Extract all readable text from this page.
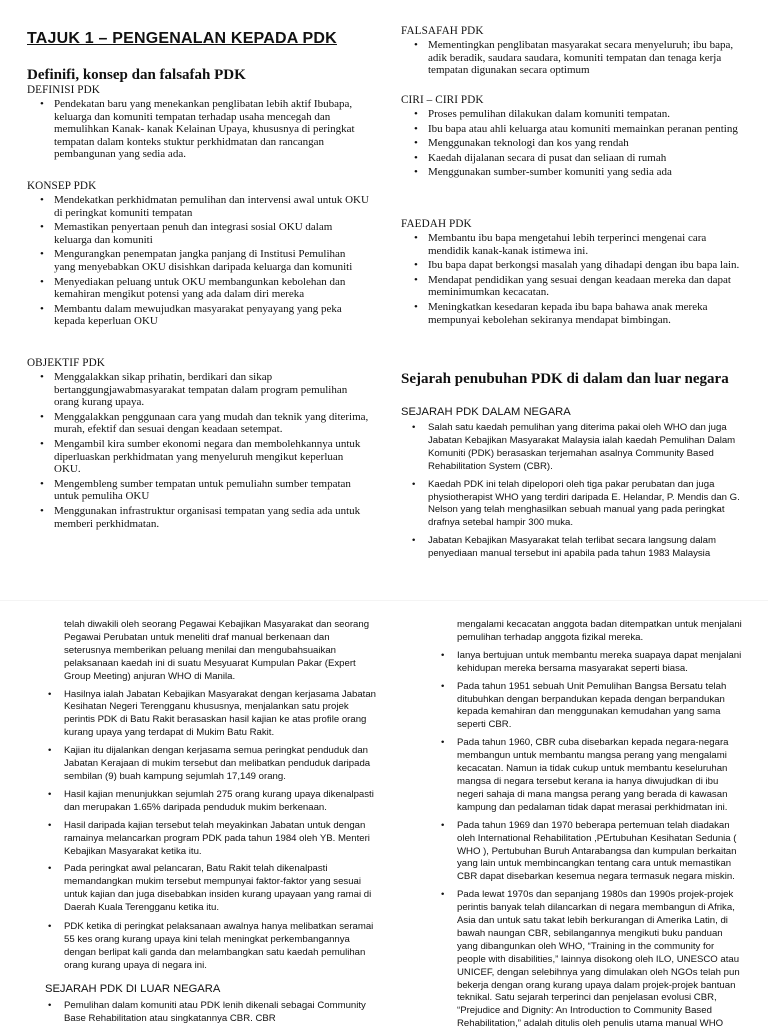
TAJUK 1 – PENGENALAN KEPADA PDK
Definifi, konsep dan falsafah PDK
DEFINISI PDK
• Pendekatan baru yang menekankan penglibatan lebih aktif Ibubapa, keluarga dan komuniti tempatan terhadap usaha mencegah dan memulihkan Kanak- kanak Kelainan Upaya, khususnya di peringkat tempatan dalam konteks stuktur perkhidmatan dan rancangan pembangunan yang sedia ada.
KONSEP PDK
• Mendekatkan perkhidmatan pemulihan dan intervensi awal untuk OKU di peringkat komuniti tempatan
• Memastikan penyertaan penuh dan integrasi sosial OKU dalam keluarga dan komuniti
• Mengurangkan penempatan jangka panjang di Institusi Pemulihan yang menyebabkan OKU disishkan daripada keluarga dan komuniti
• Menyediakan peluang untuk OKU membangunkan kebolehan dan kemahiran mengikut potensi yang ada dalam diri mereka
• Membantu dalam mewujudkan masyarakat penyayang yang peka kepada keperluan OKU
OBJEKTIF PDK
• Menggalakkan sikap prihatin, berdikari dan sikap bertanggungjawabmasyarakat tempatan dalam program pemulihan orang kurang upaya.
• Menggalakkan penggunaan cara yang mudah dan teknik yang diterima, murah, efektif dan sesuai dengan keadaan setempat.
• Mengambil kira sumber ekonomi negara dan membolehkannya untuk diperluaskan perkhidmatan yang menyeluruh mengikut keperluan OKU.
• Mengembleng sumber tempatan untuk pemuliahn sumber tempatan untuk pemuliha OKU
• Menggunakan infrastruktur organisasi tempatan yang sedia ada untuk memberi perkhidmatan.
FALSAFAH PDK
• Mementingkan penglibatan masyarakat secara menyeluruh; ibu bapa, adik beradik, saudara saudara, komuniti tempatan dan tenaga kerja tempatan digunakan secara optimum
CIRI – CIRI PDK
• Proses pemulihan dilakukan dalam komuniti tempatan.
• Ibu bapa atau ahli keluarga atau komuniti memainkan peranan penting
• Menggunakan teknologi dan kos yang rendah
• Kaedah dijalanan secara di pusat dan seliaan di rumah
• Menggunakan sumber-sumber komuniti yang sedia ada
FAEDAH PDK
• Membantu ibu bapa mengetahui lebih terperinci mengenai cara mendidik kanak-kanak istimewa ini.
• Ibu bapa dapat berkongsi masalah yang dihadapi dengan ibu bapa lain.
• Mendapat pendidikan yang sesuai dengan keadaan mereka dan dapat meminimumkan kecacatan.
• Meningkatkan kesedaran kepada ibu bapa bahawa anak mereka mempunyai kebolehan sekiranya mendapat bimbingan.
Sejarah penubuhan PDK di dalam dan luar negara
SEJARAH PDK DALAM NEGARA
• Salah satu kaedah pemulihan yang diterima pakai oleh WHO dan juga Jabatan Kebajikan Masyarakat Malaysia ialah kaedah Pemulihan Dalam Komuniti (PDK) berasaskan terjemahan asalnya Community Based Rehabilitation System (CBR).
• Kaedah PDK ini telah dipelopori oleh tiga pakar perubatan dan juga physiotherapist WHO yang terdiri daripada E. Helandar, P. Mendis dan G. Nelson yang telah menghasilkan sebuah manual yang pada peringkat drafnya setebal hampir 300 muka.
• Jabatan Kebajikan Masyarakat telah terlibat secara langsung dalam penyediaan manual tersebut ini apabila pada tahun 1983 Malaysia
telah diwakili oleh seorang Pegawai Kebajikan Masyarakat dan seorang Pegawai Perubatan untuk meneliti draf manual berkenaan dan seterusnya memberikan peluang menilai dan mengubahsuaikan pelaksanaan kaedah ini di suatu Mesyuarat Kumpulan Pakar (Expert Group Meeting) anjuran WHO di Manila.
• Hasilnya ialah Jabatan Kebajikan Masyarakat dengan kerjasama Jabatan Kesihatan Negeri Terengganu khususnya, menjalankan satu projek perintis PDK di Batu Rakit berasaskan hasil kajian ke atas profile orang kurang upaya yang terdapat di Mukim Batu Rakit.
• Kajian itu dijalankan dengan kerjasama semua peringkat penduduk dan Jabatan Kerajaan di mukim tersebut dan melibatkan penduduk daripada sembilan (9) buah kampung sejumlah 17,149 orang.
• Hasil kajian menunjukkan sejumlah 275 orang kurang upaya dikenalpasti dan merupakan 1.65% daripada penduduk mukim berkenaan.
• Hasil daripada kajian tersebut telah meyakinkan Jabatan untuk dengan ramainya melancarkan program PDK pada tahun 1984 oleh YB. Menteri Kebajikan Masyarakat ketika itu.
• Pada peringkat awal pelancaran, Batu Rakit telah dikenalpasti memandangkan mukim tersebut mempunyai faktor-faktor yang sesuai untuk kajian dan juga disebabkan insiden kurang upayaan yang ramai di Daerah Kuala Terengganu ketika itu.
• PDK ketika di peringkat pelaksanaan awalnya hanya melibatkan seramai 55 kes orang kurang upaya kini telah meningkat perkembangannya dengan berlipat kali ganda dan melambangkan satu kaedah pemulihan orang kurang upaya di negara ini.
SEJARAH PDK DI LUAR NEGARA
• Pemulihan dalam komuniti atau PDK lenih dikenali sebagai Community Base Rehabilitation atau singkatannya CBR. CBR
mengalami kecacatan anggota badan ditempatkan untuk menjalani pemulihan terhadap anggota fizikal mereka.
• Ianya bertujuan untuk membantu mereka suapaya dapat menjalani kehidupan mereka bersama masyarakat seperti biasa.
• Pada tahun 1951 sebuah Unit Pemulihan Bangsa Bersatu telah ditubuhkan dengan berpandukan kepada dengan berpandukan kepada kemahiran dan menggunakan kemudahan yang sama seperti CBR.
• Pada tahun 1960, CBR cuba disebarkan kepada negara-negara membangun untuk membantu mangsa perang yang mengalami kecacatan. Namun ia tidak cukup untuk membantu keseluruhan mangsa di negara tersebut kerana ia hanya diwujudkan di ibu negeri sahaja di mana mangsa perang yang berada di kawasan kampung dan pedalaman tidak dapat merasai perkhidmatan ini.
• Pada tahun 1969 dan 1970 beberapa pertemuan telah diadakan oleh International Rehabilitation ,PErtubuhan Kesihatan Sedunia ( WHO ), Pertubuhan Buruh Antarabangsa dan kumpulan berkaitan yang lain untuk membincangkan tentang cara untuk memastikan CBR dapat disebarkan kesemua negara termasuk negara miskin.
• Pada lewat 1970s dan sepanjang 1980s dan 1990s projek-projek perintis banyak telah dilancarkan di negara membangun di Afrika, Asia dan untuk satu takat lebih berkurangan di Amerika Latin, di bawah naungan CBR, sebilangannya mengikuti buku panduan yang dibangunkan oleh WHO, “Training in the community for people with disabilities,” lainnya disokong oleh ILO, UNESCO atau UNICEF, dengan selebihnya yang dimulakan oleh NGOs telah pun bekerja dengan orang kurang upaya dalam projek-projek bantuan teknikal. Satu sejarah terperinci dan penjelasan evolusi CBR, “Prejudice and Dignity: An Introduction to Community Based Rehabilitation,” adalah ditulis oleh penulis utama manual WHO
